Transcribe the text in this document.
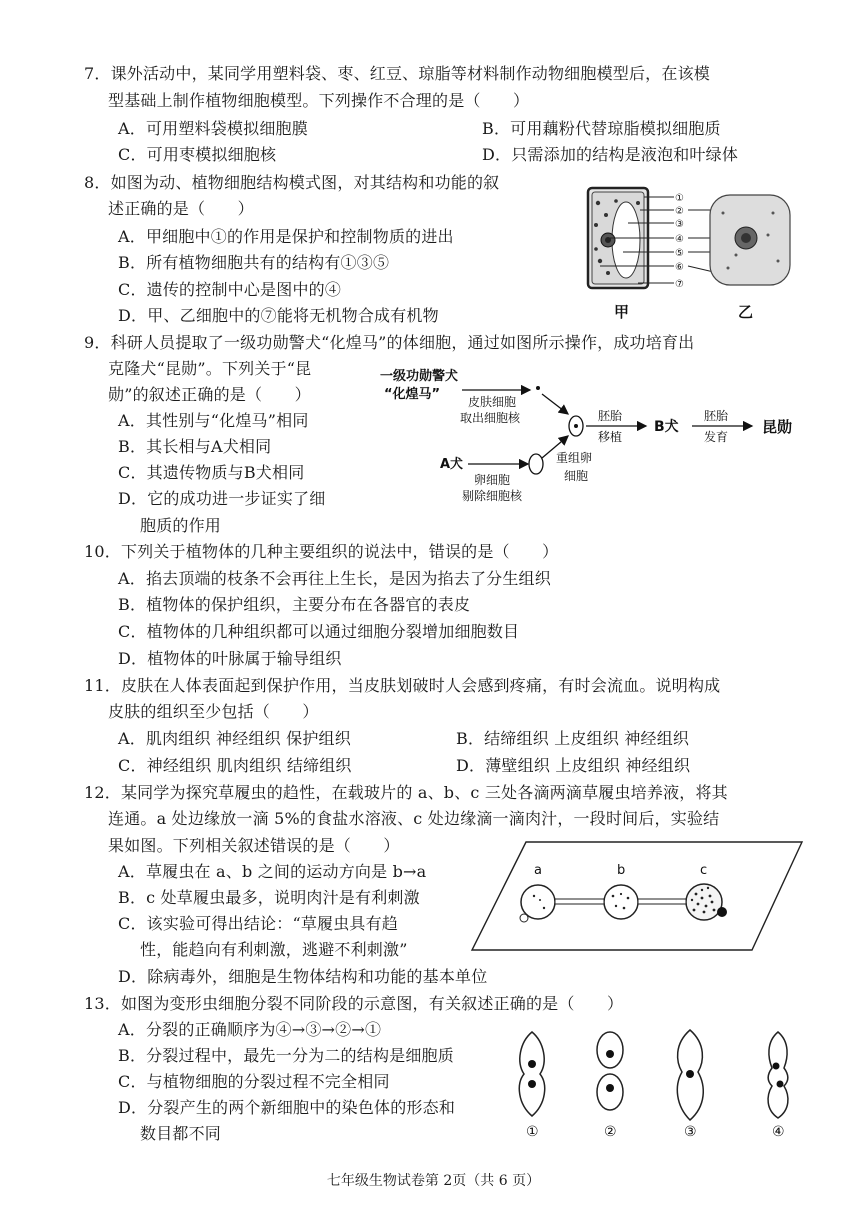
7．课外活动中，某同学用塑料袋、枣、红豆、琼脂等材料制作动物细胞模型后，在该模
型基础上制作植物细胞模型。下列操作不合理的是（　　）
A．可用塑料袋模拟细胞膜	B．可用藕粉代替琼脂模拟细胞质
C．可用枣模拟细胞核	D．只需添加的结构是液泡和叶绿体
8．如图为动、植物细胞结构模式图，对其结构和功能的叙
述正确的是（　　）
A．甲细胞中①的作用是保护和控制物质的进出
B．所有植物细胞共有的结构有①③⑤
C．遗传的控制中心是图中的④
D．甲、乙细胞中的⑦能将无机物合成有机物
①
②
③
④
⑤
⑥
⑦
甲	乙
9．科研人员提取了一级功勋警犬“化煌马”的体细胞，通过如图所示操作，成功培育出
克隆犬“昆勋”。下列关于“昆
勋”的叙述正确的是（　　）
A．其性别与“化煌马”相同
B．其长相与A犬相同
C．其遗传物质与B犬相同
D．它的成功进一步证实了细
胞质的作用
一级功勋警犬
“化煌马” 皮肤细胞
取出细胞核	胚胎
移植
B犬
胚胎
发育
昆勋
A犬	重组卵
细胞
卵细胞
剔除细胞核
10．下列关于植物体的几种主要组织的说法中，错误的是（　　）
A．掐去顶端的枝条不会再往上生长，是因为掐去了分生组织
B．植物体的保护组织，主要分布在各器官的表皮
C．植物体的几种组织都可以通过细胞分裂增加细胞数目
D．植物体的叶脉属于输导组织
11．皮肤在人体表面起到保护作用，当皮肤划破时人会感到疼痛，有时会流血。说明构成
皮肤的组织至少包括（　　）
A．肌肉组织 神经组织 保护组织	B．结缔组织 上皮组织 神经组织
C．神经组织 肌肉组织 结缔组织	D．薄壁组织 上皮组织 神经组织
12．某同学为探究草履虫的趋性，在载玻片的 a、b、c 三处各滴两滴草履虫培养液，将其
连通。a 处边缘放一滴 5%的食盐水溶液、c 处边缘滴一滴肉汁，一段时间后，实验结
果如图。下列相关叙述错误的是（　　）
A．草履虫在 a、b 之间的运动方向是 b→a
B．c 处草履虫最多，说明肉汁是有利刺激
C．该实验可得出结论：“草履虫具有趋
性，能趋向有利刺激，逃避不利刺激”
D．除病毒外，细胞是生物体结构和功能的基本单位
a	b	c
13．如图为变形虫细胞分裂不同阶段的示意图，有关叙述正确的是（　　）
A．分裂的正确顺序为④→③→②→①
B．分裂过程中，最先一分为二的结构是细胞质
C．与植物细胞的分裂过程不完全相同
D．分裂产生的两个新细胞中的染色体的形态和
数目都不同	①	②	③	④
七年级生物试卷第 2页（共 6 页）
